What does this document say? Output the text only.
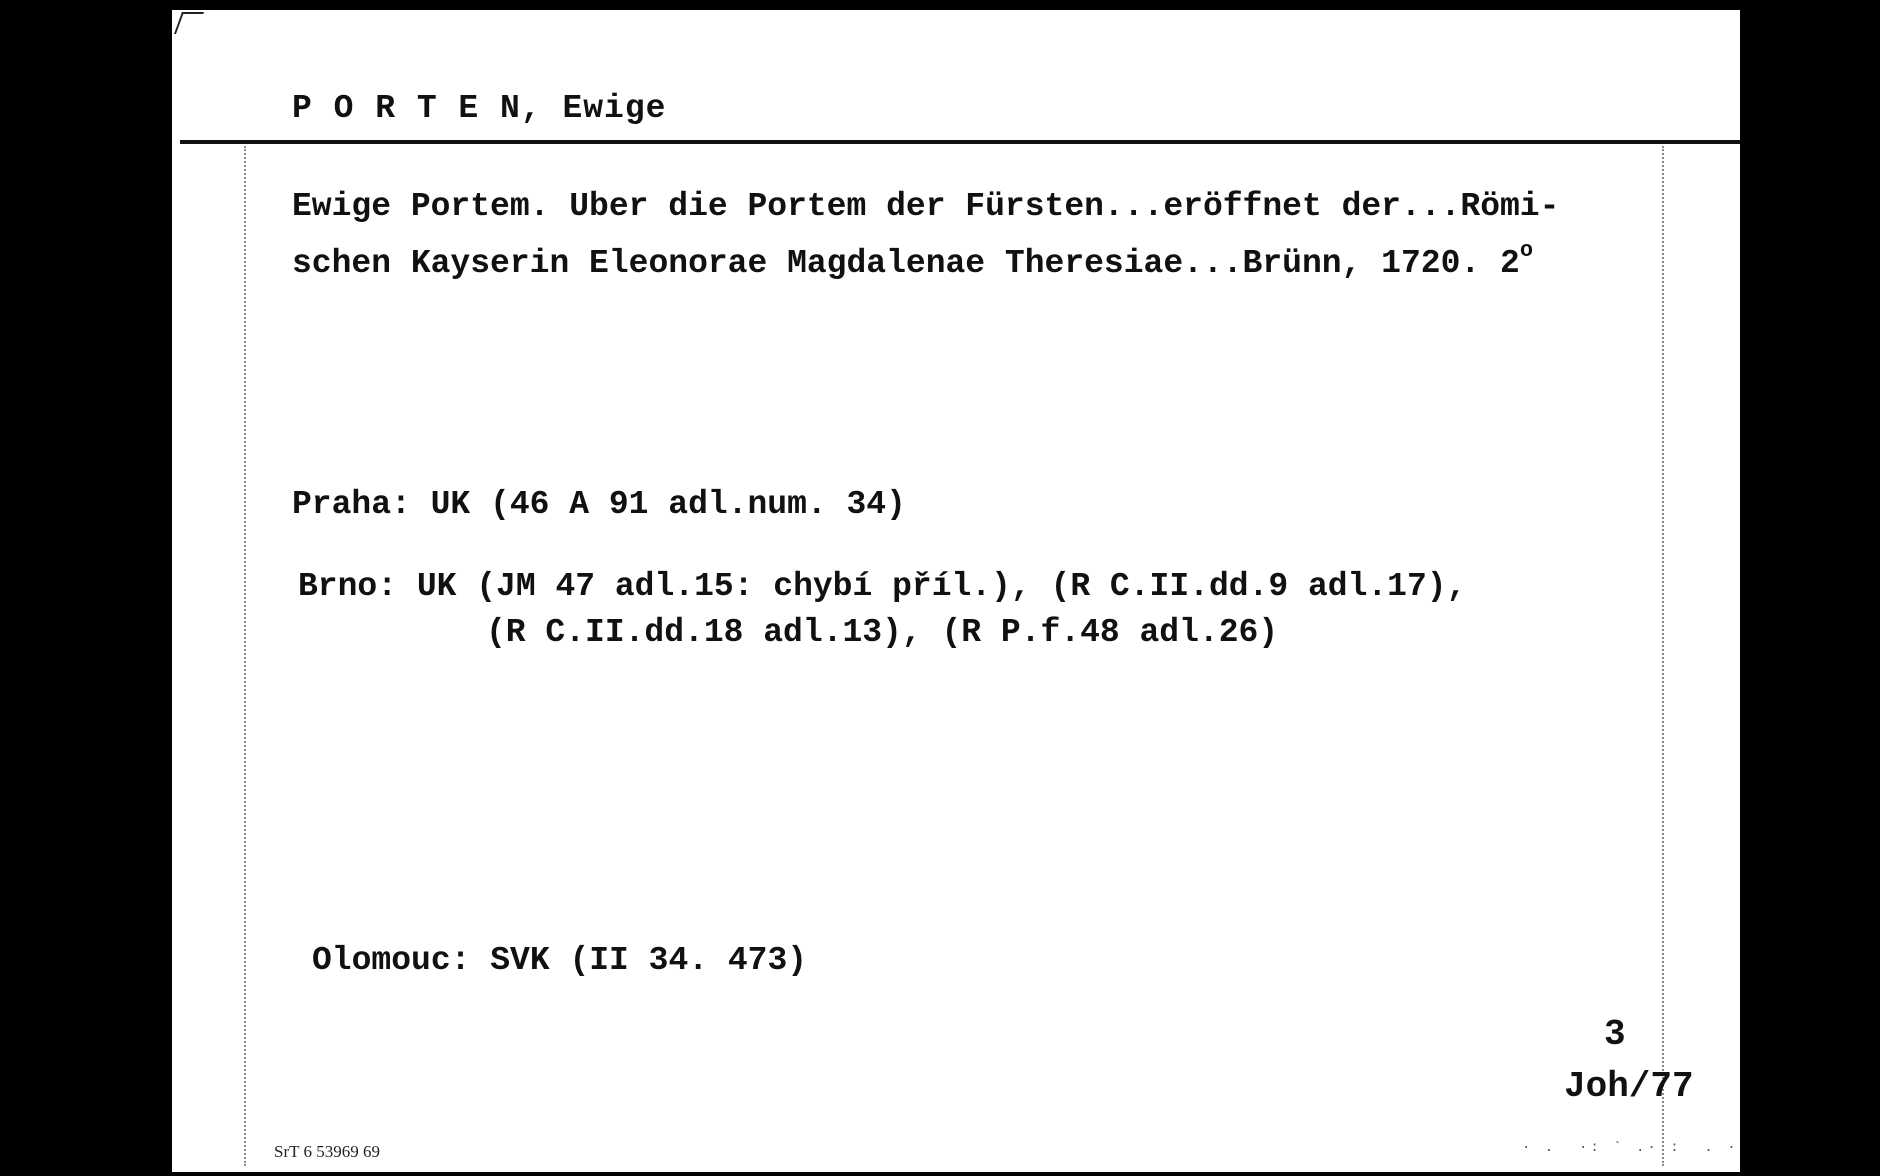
P O R T E N, Ewige
Ewige Portem. Uber die Portem der Fürsten...eröffnet der...Römi-
schen Kayserin Eleonorae Magdalenae Theresiae...Brünn, 1720. 2$^o$
Praha: UK (46 A 91 adl.num. 34)
Brno: UK (JM 47 adl.15: chybí příl.), (R C.II.dd.9 adl.17),
(R C.II.dd.18 adl.13), (R P.f.48 adl.26)
Olomouc: SVK (II 34. 473)
3
Joh/77
SrT 6 53969 69	· .  ·: ` .· :  . ·
